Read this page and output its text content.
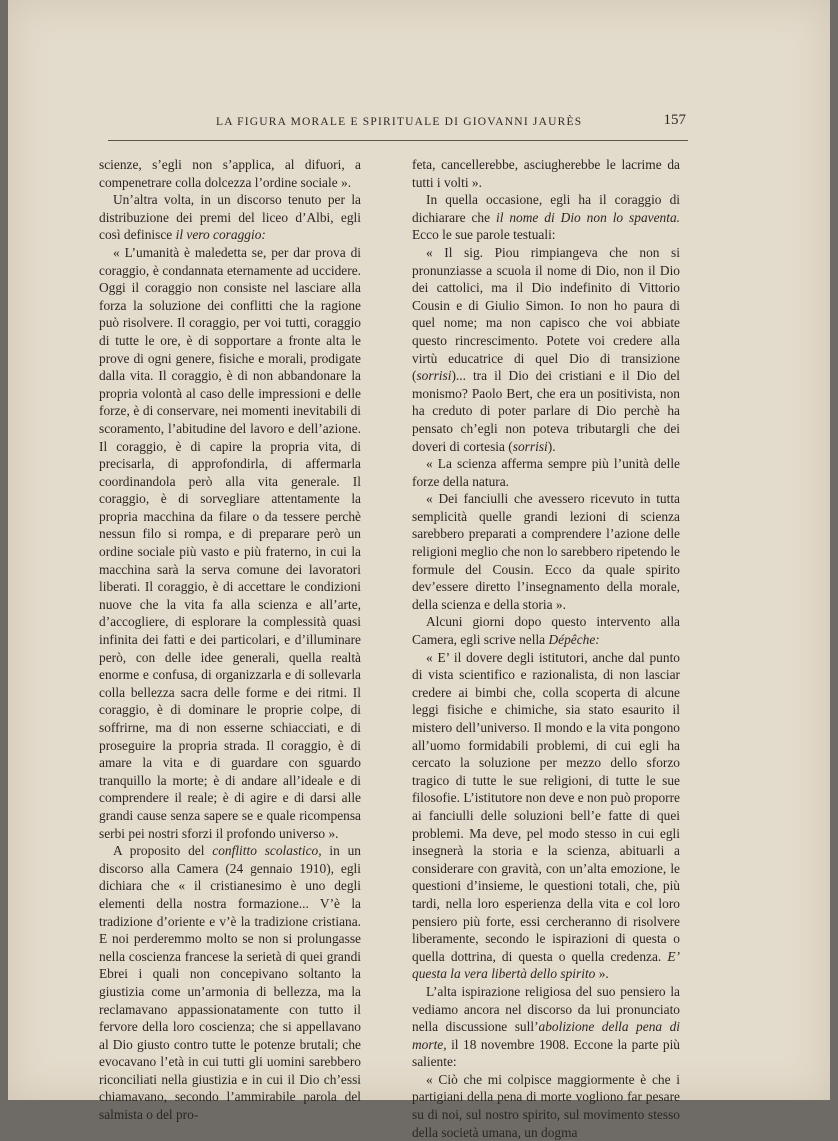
LA FIGURA MORALE E SPIRITUALE DI GIOVANNI JAURÈS	157

scienze, s’egli non s’applica, al difuori, a compenetrare colla dolcezza l’ordine sociale ».

Un’altra volta, in un discorso tenuto per la distribuzione dei premi del liceo d’Albi, egli così definisce il vero coraggio:

« L’umanità è maledetta se, per dar prova di coraggio, è condannata eternamente ad uccidere. Oggi il coraggio non consiste nel lasciare alla forza la soluzione dei conflitti che la ragione può risolvere. Il coraggio, per voi tutti, coraggio di tutte le ore, è di sopportare a fronte alta le prove di ogni genere, fisiche e morali, prodigate dalla vita. Il coraggio, è di non abbandonare la propria volontà al caso delle impressioni e delle forze, è di conservare, nei momenti inevitabili di scoramento, l’abitudine del lavoro e dell’azione. Il coraggio, è di capire la propria vita, di precisarla, di approfondirla, di affermarla coordinandola però alla vita generale. Il coraggio, è di sorvegliare attentamente la propria macchina da filare o da tessere perchè nessun filo si rompa, e di preparare però un ordine sociale più vasto e più fraterno, in cui la macchina sarà la serva comune dei lavoratori liberati. Il coraggio, è di accettare le condizioni nuove che la vita fa alla scienza e all’arte, d’accogliere, di esplorare la complessità quasi infinita dei fatti e dei particolari, e d’illuminare però, con delle idee generali, quella realtà enorme e confusa, di organizzarla e di sollevarla colla bellezza sacra delle forme e dei ritmi. Il coraggio, è di dominare le proprie colpe, di soffrirne, ma di non esserne schiacciati, e di proseguire la propria strada. Il coraggio, è di amare la vita e di guardare con sguardo tranquillo la morte; è di andare all’ideale e di comprendere il reale; è di agire e di darsi alle grandi cause senza sapere se e quale ricompensa serbi pei nostri sforzi il profondo universo ».

A proposito del conflitto scolastico, in un discorso alla Camera (24 gennaio 1910), egli dichiara che « il cristianesimo è uno degli elementi della nostra formazione... V’è la tradizione d’oriente e v’è la tradizione cristiana. E noi perderemmo molto se non si prolungasse nella coscienza francese la serietà di quei grandi Ebrei i quali non concepivano soltanto la giustizia come un’armonia di bellezza, ma la reclamavano appassionatamente con tutto il fervore della loro coscienza; che si appellavano al Dio giusto contro tutte le potenze brutali; che evocavano l’età in cui tutti gli uomini sarebbero riconciliati nella giustizia e in cui il Dio ch’essi chiamavano, secondo l’ammirabile parola del salmista o del pro-

feta, cancellerebbe, asciugherebbe le lacrime da tutti i volti ».

In quella occasione, egli ha il coraggio di dichiarare che il nome di Dio non lo spaventa. Ecco le sue parole testuali:

« Il sig. Piou rimpiangeva che non si pronunziasse a scuola il nome di Dio, non il Dio dei cattolici, ma il Dio indefinito di Vittorio Cousin e di Giulio Simon. Io non ho paura di quel nome; ma non capisco che voi abbiate questo rincrescimento. Potete voi credere alla virtù educatrice di quel Dio di transizione (sorrisi)... tra il Dio dei cristiani e il Dio del monismo? Paolo Bert, che era un positivista, non ha creduto di poter parlare di Dio perchè ha pensato ch’egli non poteva tributargli che dei doveri di cortesia (sorrisi).

« La scienza afferma sempre più l’unità delle forze della natura.

« Dei fanciulli che avessero ricevuto in tutta semplicità quelle grandi lezioni di scienza sarebbero preparati a comprendere l’azione delle religioni meglio che non lo sarebbero ripetendo le formule del Cousin. Ecco da quale spirito dev’essere diretto l’insegnamento della morale, della scienza e della storia ».

Alcuni giorni dopo questo intervento alla Camera, egli scrive nella Dépêche:

« E’ il dovere degli istitutori, anche dal punto di vista scientifico e razionalista, di non lasciar credere ai bimbi che, colla scoperta di alcune leggi fisiche e chimiche, sia stato esaurito il mistero dell’universo. Il mondo e la vita pongono all’uomo formidabili problemi, di cui egli ha cercato la soluzione per mezzo dello sforzo tragico di tutte le sue religioni, di tutte le sue filosofie. L’istitutore non deve e non può proporre ai fanciulli delle soluzioni bell’e fatte di quei problemi. Ma deve, pel modo stesso in cui egli insegnerà la storia e la scienza, abituarli a considerare con gravità, con un’alta emozione, le questioni d’insieme, le questioni totali, che, più tardi, nella loro esperienza della vita e col loro pensiero più forte, essi cercheranno di risolvere liberamente, secondo le ispirazioni di questa o quella dottrina, di questa o quella credenza. E’ questa la vera libertà dello spirito ».

L’alta ispirazione religiosa del suo pensiero la vediamo ancora nel discorso da lui pronunciato nella discussione sull’abolizione della pena di morte, il 18 novembre 1908. Eccone la parte più saliente:

« Ciò che mi colpisce maggiormente è che i partigiani della pena di morte vogliono far pesare su di noi, sul nostro spirito, sul movimento stesso della società umana, un dogma
